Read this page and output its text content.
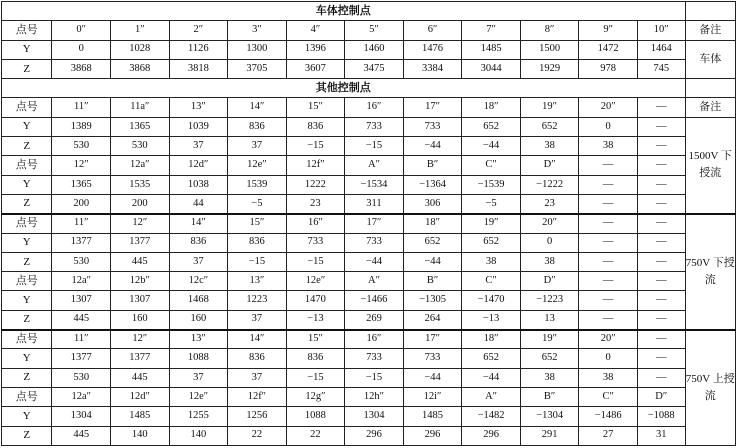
车体控制点												
点号	0″	1″	2″	3″	4″	5″	6″	7″	8″	9″	10″	备注
Y	0	1028	1126	1300	1396	1460	1476	1485	1500	1472	1464	车体
Z	3868	3868	3818	3705	3607	3475	3384	3044	1929	978	745	
其他控制点												
点号	11″	11a″	13″	14″	15″	16″	17″	18″	19″	20″	—	备注
Y	1389	1365	1039	836	836	733	733	652	652	0	—	1500V 下授流
Z	530	530	37	37	−15	−15	−44	−44	38	38	—	
点号	12″	12a″	12d″	12e″	12f″	A″	B″	C″	D″	—	—	
Y	1365	1535	1038	1539	1222	−1534	−1364	−1539	−1222	—	—	
Z	200	200	44	−5	23	311	306	−5	23	—	—	
点号	11″	12″	14″	15″	16″	17″	18″	19″	20″	—	—	750V 下授流
Y	1377	1377	836	836	733	733	652	652	0	—	—	
Z	530	445	37	−15	−15	−44	−44	38	38	—	—	
点号	12a″	12b″	12c″	13″	12e″	A″	B″	C″	D″	—	—	
Y	1307	1307	1468	1223	1470	−1466	−1305	−1470	−1223	—	—	
Z	445	160	160	37	−13	269	264	−13	13	—	—	
点号	11″	12″	13″	14″	15″	16″	17″	18″	19″	20″	—	750V 上授流
Y	1377	1377	1088	836	836	733	733	652	652	0	—	
Z	530	445	37	37	−15	−15	−44	−44	38	38	—	
点号	12a″	12d″	12e″	12f″	12g″	12h″	12i″	A″	B″	C″	D″	
Y	1304	1485	1255	1256	1088	1304	1485	−1482	−1304	−1486	−1088	
Z	445	140	140	22	22	296	296	296	291	27	31	
